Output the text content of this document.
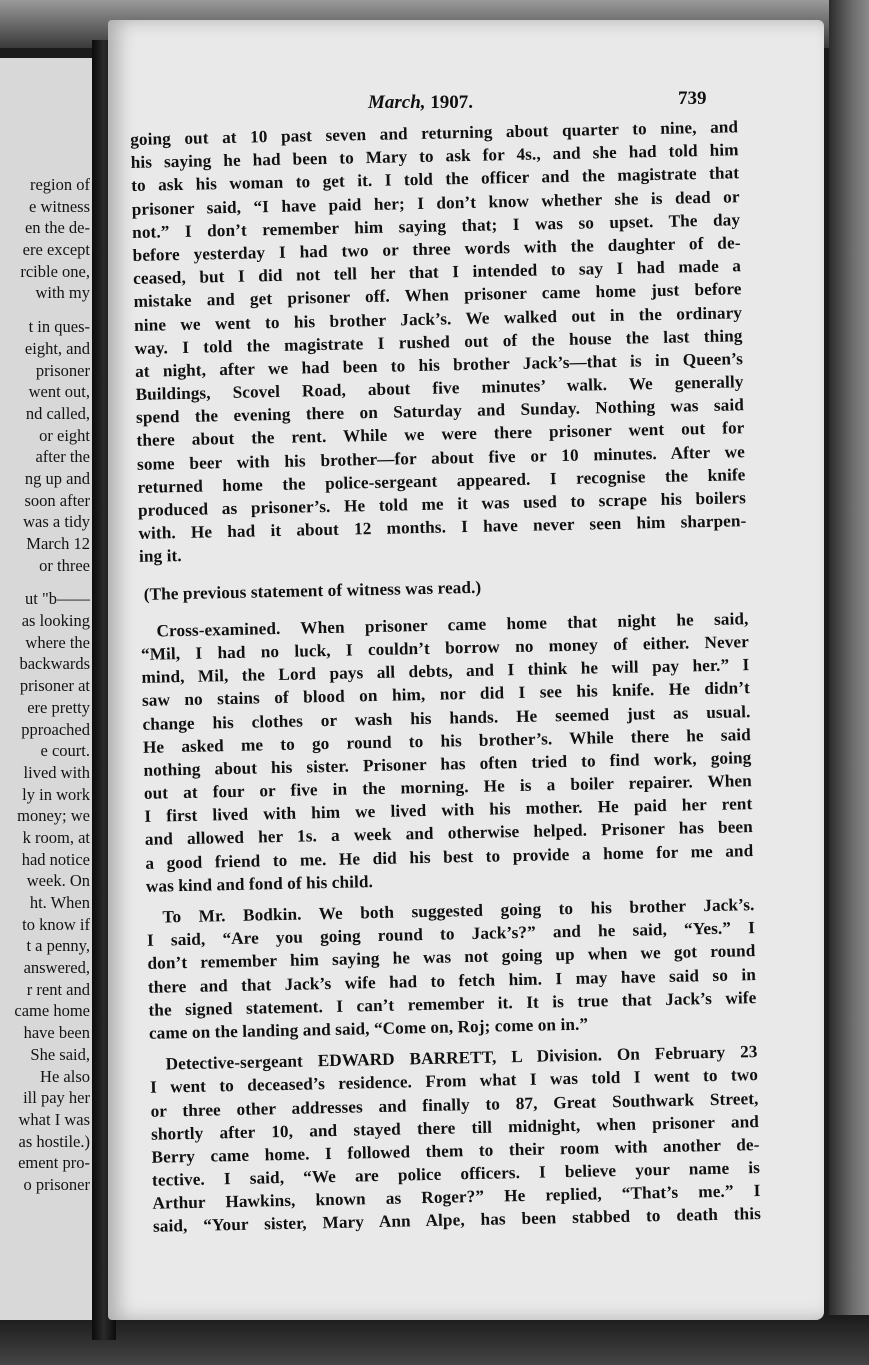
region of
e witness
en the de-
ere except
rcible one,
with my
t in ques-
eight, and
prisoner
went out,
nd called,
or eight
after the
ng up and
soon after
was a tidy
March 12
or three
ut "b——
as looking
where the
backwards
prisoner at
ere pretty
pproached
e court.
lived with
ly in work
money; we
k room, at
had notice
week. On
ht. When
to know if
t a penny,
answered,
r rent and
came home
have been
She said,
He also
ill pay her
what I was
as hostile.)
ement pro-
o prisoner
March, 1907.	739
going out at 10 past seven and returning about quarter to nine, and
his saying he had been to Mary to ask for 4s., and she had told him
to ask his woman to get it. I told the officer and the magistrate that
prisoner said, “I have paid her; I don’t know whether she is dead or
not.” I don’t remember him saying that; I was so upset. The day
before yesterday I had two or three words with the daughter of de-
ceased, but I did not tell her that I intended to say I had made a
mistake and get prisoner off. When prisoner came home just before
nine we went to his brother Jack’s. We walked out in the ordinary
way. I told the magistrate I rushed out of the house the last thing
at night, after we had been to his brother Jack’s—that is in Queen’s
Buildings, Scovel Road, about five minutes’ walk. We generally
spend the evening there on Saturday and Sunday. Nothing was said
there about the rent. While we were there prisoner went out for
some beer with his brother—for about five or 10 minutes. After we
returned home the police-sergeant appeared. I recognise the knife
produced as prisoner’s. He told me it was used to scrape his boilers
with. He had it about 12 months. I have never seen him sharpen-
ing it.
(The previous statement of witness was read.)
Cross-examined. When prisoner came home that night he said,
“Mil, I had no luck, I couldn’t borrow no money of either. Never
mind, Mil, the Lord pays all debts, and I think he will pay her.” I
saw no stains of blood on him, nor did I see his knife. He didn’t
change his clothes or wash his hands. He seemed just as usual.
He asked me to go round to his brother’s. While there he said
nothing about his sister. Prisoner has often tried to find work, going
out at four or five in the morning. He is a boiler repairer. When
I first lived with him we lived with his mother. He paid her rent
and allowed her 1s. a week and otherwise helped. Prisoner has been
a good friend to me. He did his best to provide a home for me and
was kind and fond of his child.
To Mr. Bodkin. We both suggested going to his brother Jack’s.
I said, “Are you going round to Jack’s?” and he said, “Yes.” I
don’t remember him saying he was not going up when we got round
there and that Jack’s wife had to fetch him. I may have said so in
the signed statement. I can’t remember it. It is true that Jack’s wife
came on the landing and said, “Come on, Roj; come on in.”
Detective-sergeant EDWARD BARRETT, L Division. On February 23
I went to deceased’s residence. From what I was told I went to two
or three other addresses and finally to 87, Great Southwark Street,
shortly after 10, and stayed there till midnight, when prisoner and
Berry came home. I followed them to their room with another de-
tective. I said, “We are police officers. I believe your name is
Arthur Hawkins, known as Roger?” He replied, “That’s me.” I
said, “Your sister, Mary Ann Alpe, has been stabbed to death this
